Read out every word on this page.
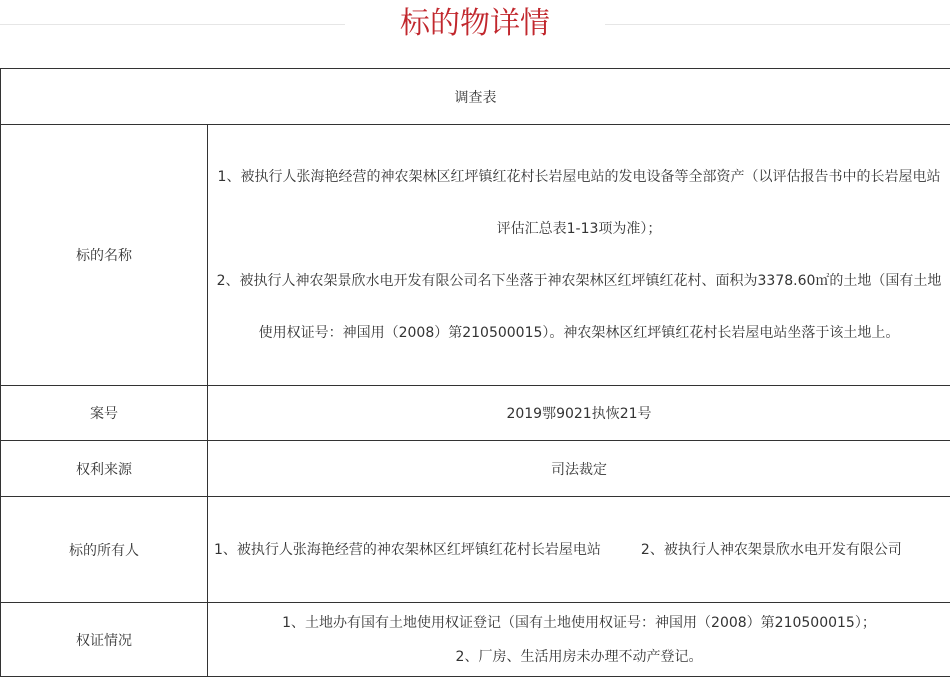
标的物详情
调查表	
标的名称	1、被执行人张海艳经营的神农架林区红坪镇红花村长岩屋电站的发电设备等全部资产（以评估报告书中的长岩屋电站评估汇总表1-13项为准）；

2、被执行人神农架景欣水电开发有限公司名下坐落于神农架林区红坪镇红花村、面积为3378.60㎡的土地（国有土地使用权证号：神国用（2008）第210500015）。神农架林区红坪镇红花村长岩屋电站坐落于该土地上。

案号	2019鄂9021执恢21号
权利来源	司法裁定
标的所有人	1、被执行人张海艳经营的神农架林区红坪镇红花村长岩屋电站 2、被执行人神农架景欣水电开发有限公司

权证情况	1、土地办有国有土地使用权证登记（国有土地使用权证号：神国用（2008）第210500015）；

2、厂房、生活用房未办理不动产登记。
